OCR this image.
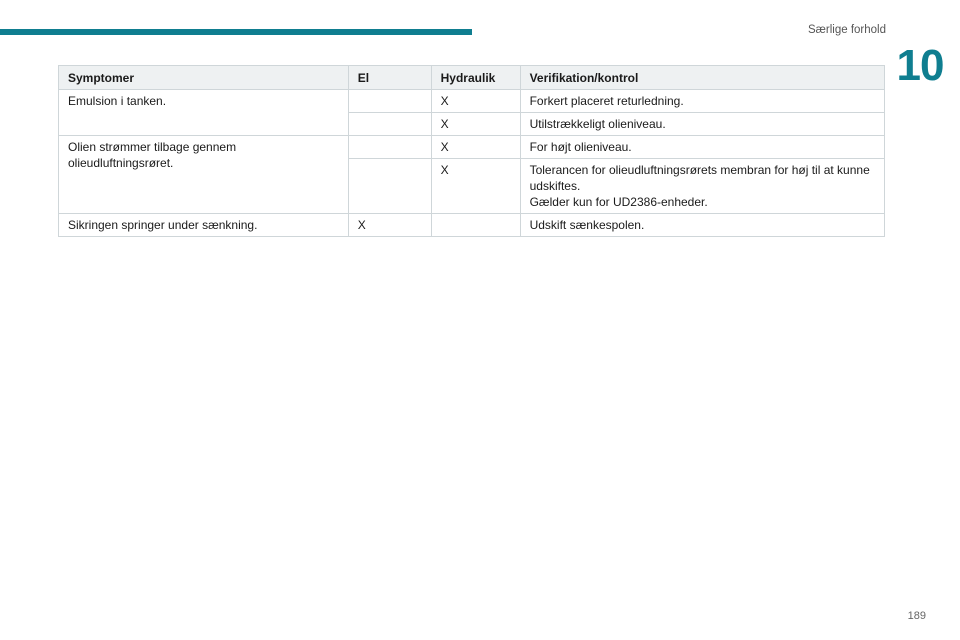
Særlige forhold
10
Symptomer	El	Hydraulik	Verifikation/kontrol
Emulsion i tanken.		X	Forkert placeret returledning.

		X	Utilstrækkeligt olieniveau.

Olien strømmer tilbage gennem olieudluftningsrøret.		X	For højt olieniveau.

		X	Tolerancen for olieudluftningsrørets membran for høj til at kunne udskiftes.
Gælder kun for UD2386-enheder.

Sikringen springer under sænkning.	X		Udskift sænkespolen.
189
